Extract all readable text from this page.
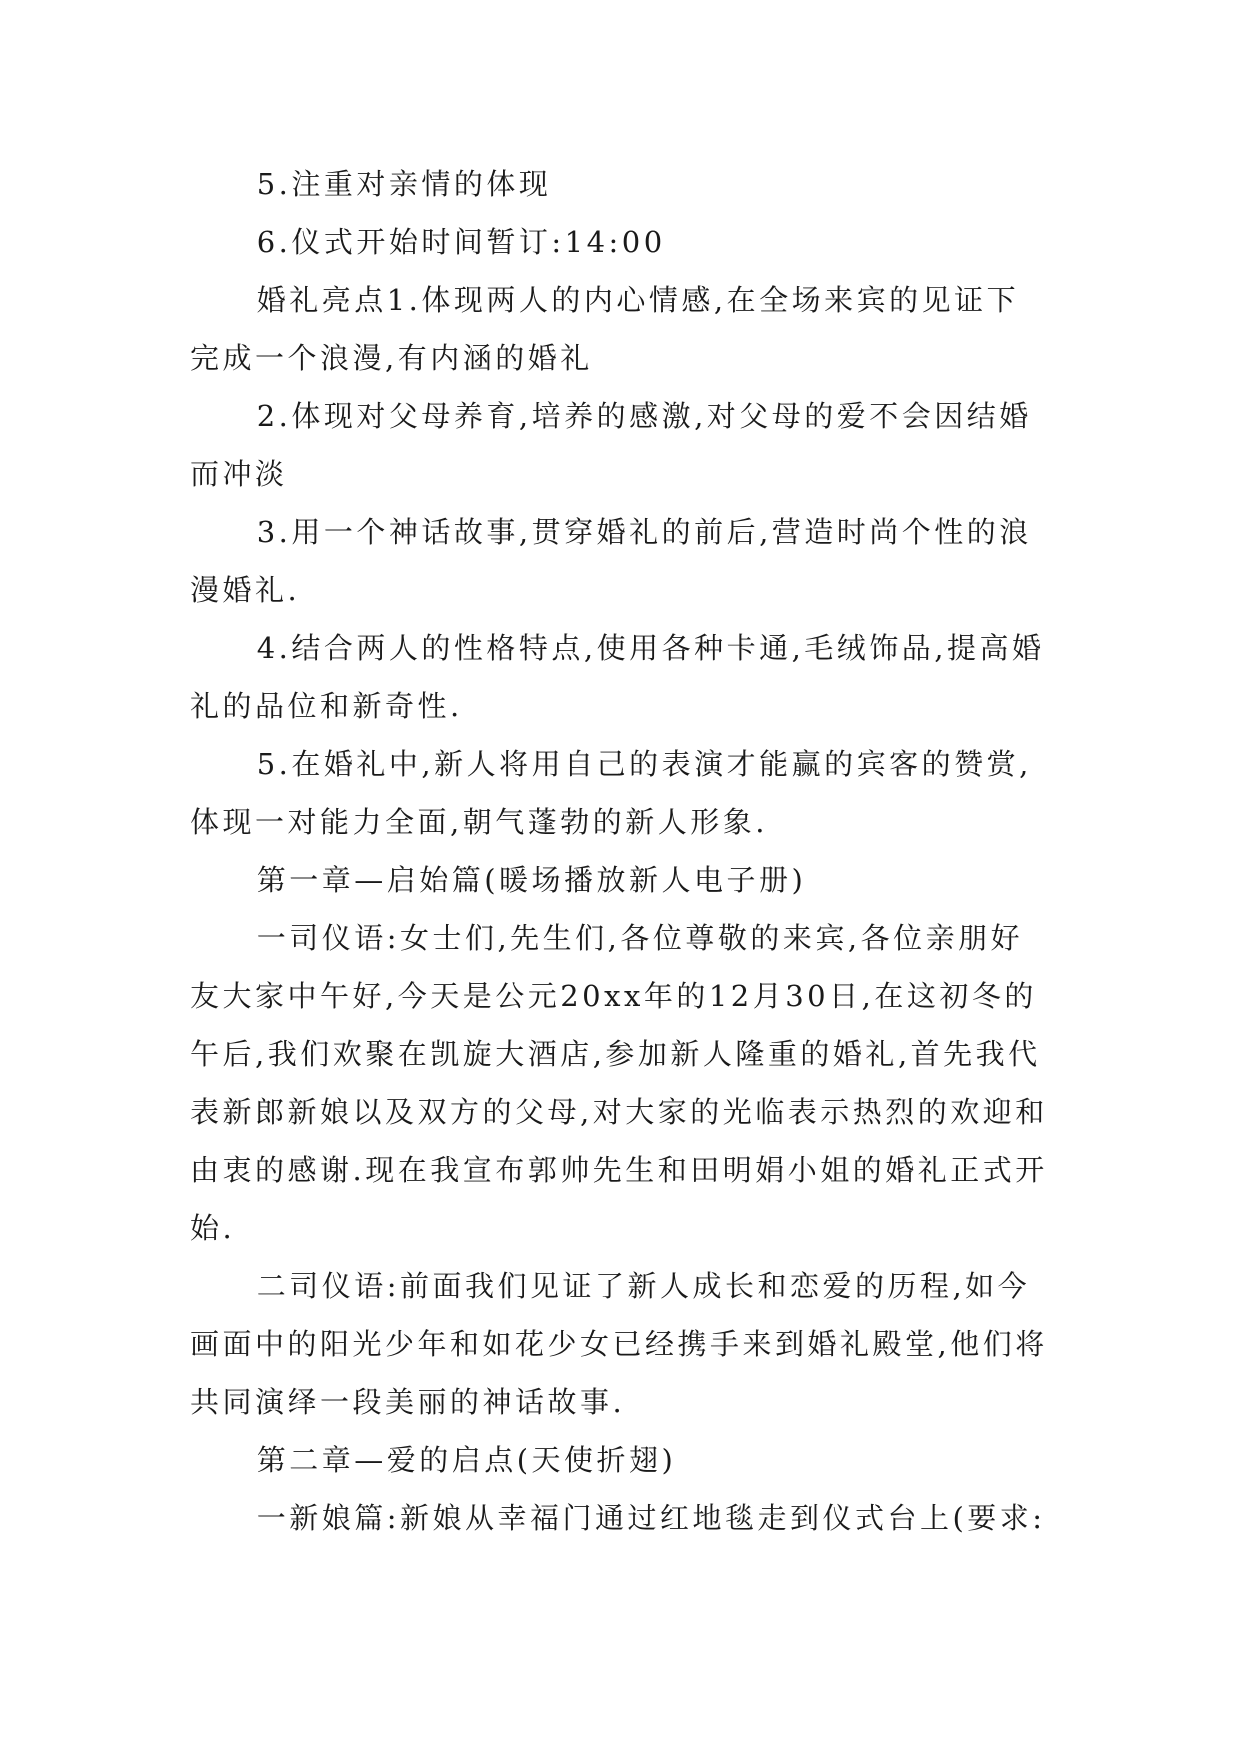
5.注重对亲情的体现

6.仪式开始时间暂订:14:00

婚礼亮点1.体现两人的内心情感,在全场来宾的见证下完成一个浪漫,有内涵的婚礼

2.体现对父母养育,培养的感激,对父母的爱不会因结婚而冲淡

3.用一个神话故事,贯穿婚礼的前后,营造时尚个性的浪漫婚礼.

4.结合两人的性格特点,使用各种卡通,毛绒饰品,提高婚礼的品位和新奇性.

5.在婚礼中,新人将用自己的表演才能赢的宾客的赞赏,体现一对能力全面,朝气蓬勃的新人形象.

第一章—启始篇(暖场播放新人电子册)

一司仪语:女士们,先生们,各位尊敬的来宾,各位亲朋好友大家中午好,今天是公元20xx年的12月30日,在这初冬的午后,我们欢聚在凯旋大酒店,参加新人隆重的婚礼,首先我代表新郎新娘以及双方的父母,对大家的光临表示热烈的欢迎和由衷的感谢.现在我宣布郭帅先生和田明娟小姐的婚礼正式开始.

二司仪语:前面我们见证了新人成长和恋爱的历程,如今画面中的阳光少年和如花少女已经携手来到婚礼殿堂,他们将共同演绎一段美丽的神话故事.

第二章—爱的启点(天使折翅)

一新娘篇:新娘从幸福门通过红地毯走到仪式台上(要求:
